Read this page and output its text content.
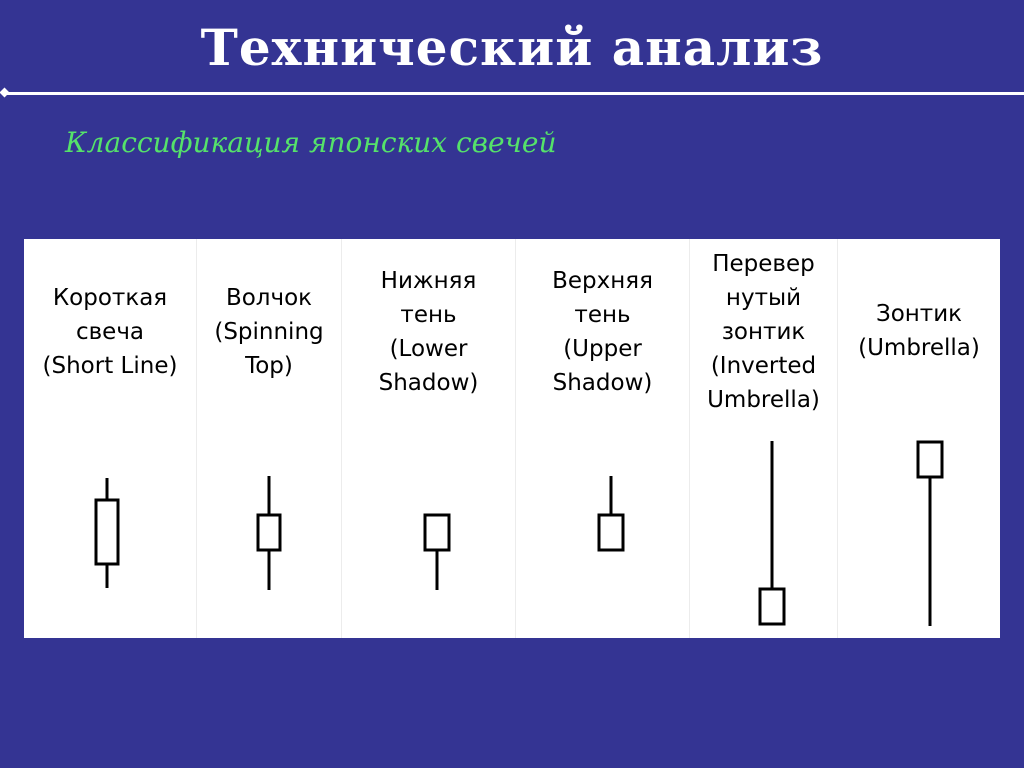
Технический анализ
Классификация японских свечей
Короткая
свеча
(Short Line)
Волчок
(Spinning
Top)
Нижняя
тень
(Lower
Shadow)
Верхняя
тень
(Upper
Shadow)
Перевер
нутый
зонтик
(Inverted
Umbrella)
Зонтик
(Umbrella)
